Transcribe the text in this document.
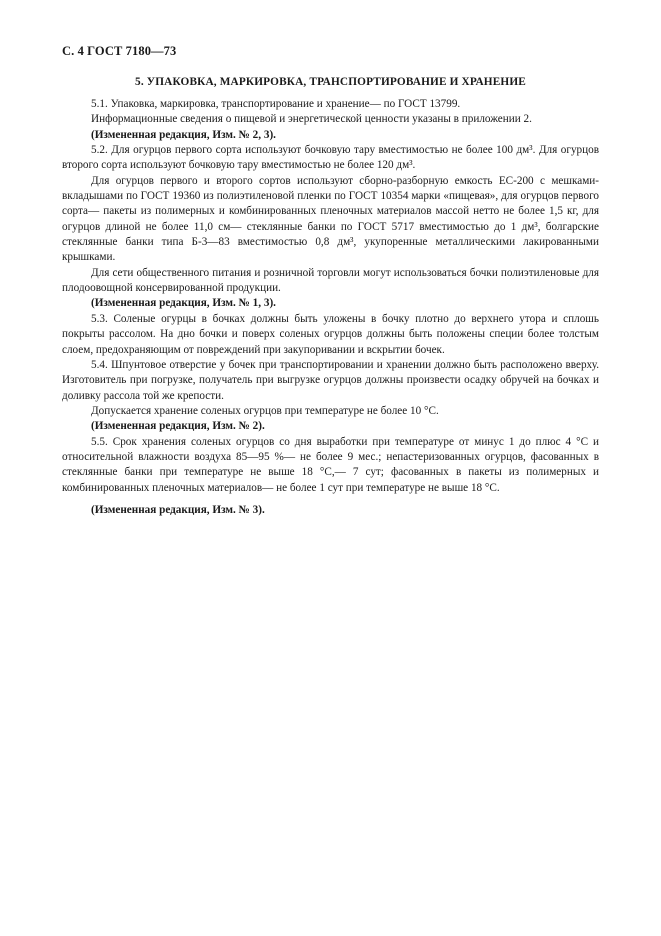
С. 4 ГОСТ 7180—73
5. УПАКОВКА, МАРКИРОВКА, ТРАНСПОРТИРОВАНИЕ И ХРАНЕНИЕ

5.1. Упаковка, маркировка, транспортирование и хранение— по ГОСТ 13799.

Информационные сведения о пищевой и энергетической ценности указаны в приложении 2.

(Измененная редакция, Изм. № 2, 3).

5.2. Для огурцов первого сорта используют бочковую тару вместимостью не более 100 дм³. Для огурцов второго сорта используют бочковую тару вместимостью не более 120 дм³.

Для огурцов первого и второго сортов используют сборно-разборную емкость ЕС-200 с мешками-вкладышами по ГОСТ 19360 из полиэтиленовой пленки по ГОСТ 10354 марки «пищевая», для огурцов первого сорта— пакеты из полимерных и комбинированных пленочных материалов массой нетто не более 1,5 кг, для огурцов длиной не более 11,0 см— стеклянные банки по ГОСТ 5717 вместимостью до 1 дм³, болгарские стеклянные банки типа Б-3—83 вместимостью 0,8 дм³, укупоренные металлическими лакированными крышками.

Для сети общественного питания и розничной торговли могут использоваться бочки полиэтиленовые для плодоовощной консервированной продукции.

(Измененная редакция, Изм. № 1, 3).

5.3. Соленые огурцы в бочках должны быть уложены в бочку плотно до верхнего утора и сплошь покрыты рассолом. На дно бочки и поверх соленых огурцов должны быть положены специи более толстым слоем, предохраняющим от повреждений при закупоривании и вскрытии бочек.

5.4. Шпунтовое отверстие у бочек при транспортировании и хранении должно быть расположено вверху. Изготовитель при погрузке, получатель при выгрузке огурцов должны произвести осадку обручей на бочках и доливку рассола той же крепости.

Допускается хранение соленых огурцов при температуре не более 10 °С.

(Измененная редакция, Изм. № 2).

5.5. Срок хранения соленых огурцов со дня выработки при температуре от минус 1 до плюс 4 °С и относительной влажности воздуха 85—95 %— не более 9 мес.; непастеризованных огурцов, фасованных в стеклянные банки при температуре не выше 18 °С,— 7 сут; фасованных в пакеты из полимерных и комбинированных пленочных материалов— не более 1 сут при температуре не выше 18 °С.

(Измененная редакция, Изм. № 3).
